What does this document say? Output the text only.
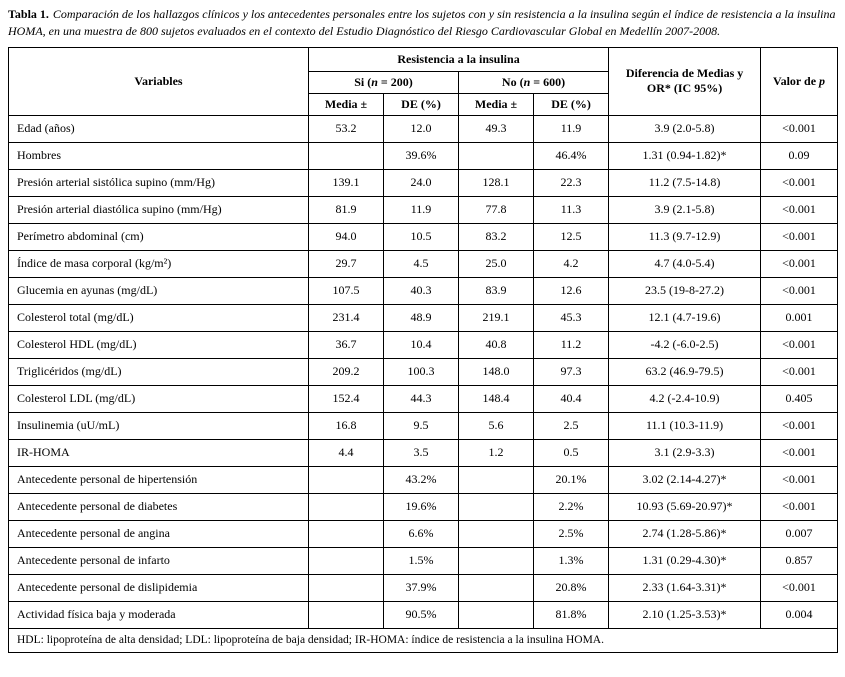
Tabla 1. Comparación de los hallazgos clínicos y los antecedentes personales entre los sujetos con y sin resistencia a la insulina según el índice de resistencia a la insulina HOMA, en una muestra de 800 sujetos evaluados en el contexto del Estudio Diagnóstico del Riesgo Cardiovascular Global en Medellín 2007-2008.

Variables	Resistencia a la insulina				Diferencia de Medias y OR* (IC 95%)	Valor de p
	Si (n = 200)		No (n = 600)			
	Media ±	DE (%)	Media ±	DE (%)		
Edad (años)	53.2	12.0	49.3	11.9	3.9 (2.0-5.8)	<0.001
Hombres		39.6%		46.4%	1.31 (0.94-1.82)*	0.09
Presión arterial sistólica supino (mm/Hg)	139.1	24.0	128.1	22.3	11.2 (7.5-14.8)	<0.001
Presión arterial diastólica supino (mm/Hg)	81.9	11.9	77.8	11.3	3.9 (2.1-5.8)	<0.001
Perímetro abdominal (cm)	94.0	10.5	83.2	12.5	11.3 (9.7-12.9)	<0.001
Índice de masa corporal (kg/m²)	29.7	4.5	25.0	4.2	4.7 (4.0-5.4)	<0.001
Glucemia en ayunas (mg/dL)	107.5	40.3	83.9	12.6	23.5 (19-8-27.2)	<0.001
Colesterol total (mg/dL)	231.4	48.9	219.1	45.3	12.1 (4.7-19.6)	0.001
Colesterol HDL (mg/dL)	36.7	10.4	40.8	11.2	-4.2 (-6.0-2.5)	<0.001
Triglicéridos (mg/dL)	209.2	100.3	148.0	97.3	63.2 (46.9-79.5)	<0.001
Colesterol LDL (mg/dL)	152.4	44.3	148.4	40.4	4.2 (-2.4-10.9)	0.405
Insulinemia (uU/mL)	16.8	9.5	5.6	2.5	11.1 (10.3-11.9)	<0.001
IR-HOMA	4.4	3.5	1.2	0.5	3.1 (2.9-3.3)	<0.001
Antecedente personal de hipertensión		43.2%		20.1%	3.02 (2.14-4.27)*	<0.001
Antecedente personal de diabetes		19.6%		2.2%	10.93 (5.69-20.97)*	<0.001
Antecedente personal de angina		6.6%		2.5%	2.74 (1.28-5.86)*	0.007
Antecedente personal de infarto		1.5%		1.3%	1.31 (0.29-4.30)*	0.857
Antecedente personal de dislipidemia		37.9%		20.8%	2.33 (1.64-3.31)*	<0.001
Actividad física baja y moderada		90.5%		81.8%	2.10 (1.25-3.53)*	0.004
HDL: lipoproteína de alta densidad; LDL: lipoproteína de baja densidad; IR-HOMA: índice de resistencia a la insulina HOMA.						
